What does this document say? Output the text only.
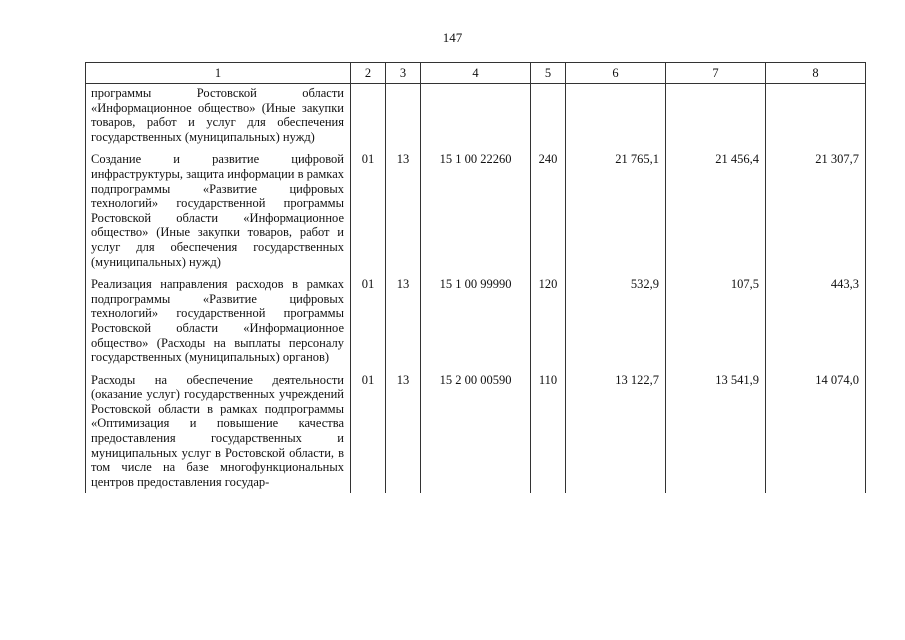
147
1	2	3	4	5	6	7	8
программы Ростовской области «Информационное общество» (Иные закупки товаров, работ и услуг для обеспечения государственных (муниципальных) нужд)							
Создание и развитие цифровой инфраструктуры, защита информации в рамках подпрограммы «Развитие цифровых технологий» государственной программы Ростовской области «Информационное общество» (Иные закупки товаров, работ и услуг для обеспечения государственных (муниципальных) нужд)	01	13	15 1 00 22260	240	21 765,1	21 456,4	21 307,7
Реализация направления расходов в рамках подпрограммы «Развитие цифровых технологий» государственной программы Ростовской области «Информационное общество» (Расходы на выплаты персоналу государственных (муниципальных) органов)	01	13	15 1 00 99990	120	532,9	107,5	443,3
Расходы на обеспечение деятельности (оказание услуг) государственных учреждений Ростовской области в рамках подпрограммы «Оптимизация и повышение качества предоставления государственных и муниципальных услуг в Ростовской области, в том числе на базе многофункциональных центров предоставления государ-	01	13	15 2 00 00590	110	13 122,7	13 541,9	14 074,0
